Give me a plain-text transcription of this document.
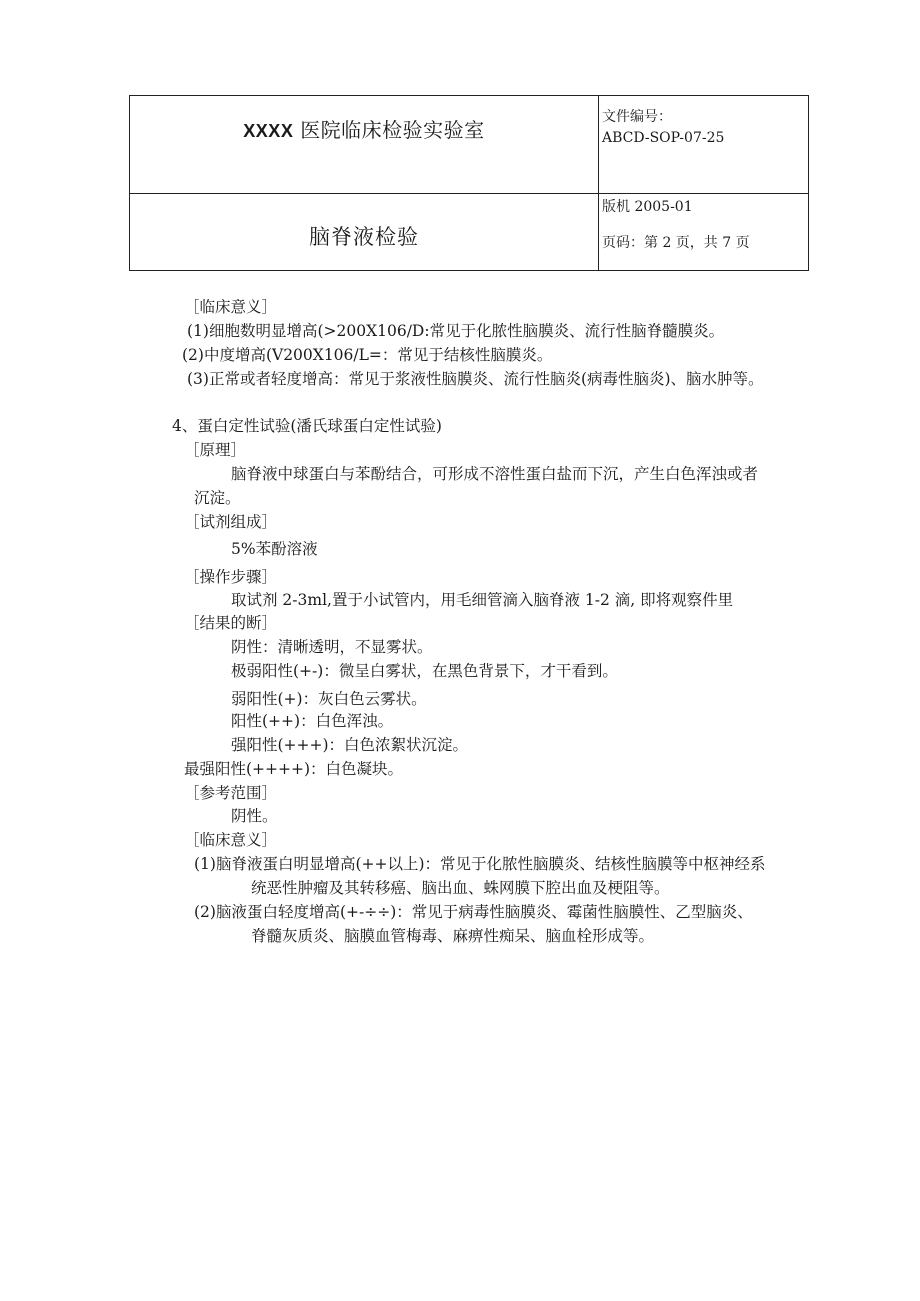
XXXX 医院临床检验实验室
脑脊液检验
文件编号：
ABCD-SOP-07-25
版机 2005-01
页码：第 2 页，共 7 页
［临床意义］
(1)细胞数明显增高(>200X106∕D:常见于化脓性脑膜炎、流行性脑脊髓膜炎。
(2)中度增高(V200X106/L=：常见于结核性脑膜炎。
(3)正常或者轻度增高：常见于浆液性脑膜炎、流行性脑炎(病毒性脑炎)、脑水肿等。
4、蛋白定性试验(潘氏球蛋白定性试验)
［原理］
脑脊液中球蛋白与苯酚结合，可形成不溶性蛋白盐而下沉，产生白色浑浊或者
沉淀。
［试剂组成］
5%苯酚溶液
［操作步骤］
取试剂 2-3ml,置于小试管内，用毛细管滴入脑脊液 1-2 滴, 即将观察件里
［结果的断］
阴性：清晰透明，不显雾状。
极弱阳性(+-)：微呈白雾状，在黑色背景下，才干看到。
弱阳性(+)：灰白色云雾状。
阳性(++)：白色浑浊。
强阳性(+++)：白色浓絮状沉淀。
最强阳性(++++)：白色凝块。
［参考范围］
阴性。
［临床意义］
(1)脑脊液蛋白明显增高(++以上)：常见于化脓性脑膜炎、结核性脑膜等中枢神经系
统恶性肿瘤及其转移癌、脑出血、蛛网膜下腔出血及梗阻等。
(2)脑液蛋白轻度增高(+-÷÷)：常见于病毒性脑膜炎、霉菌性脑膜性、乙型脑炎、
脊髓灰质炎、脑膜血管梅毒、麻痹性痴呆、脑血栓形成等。
